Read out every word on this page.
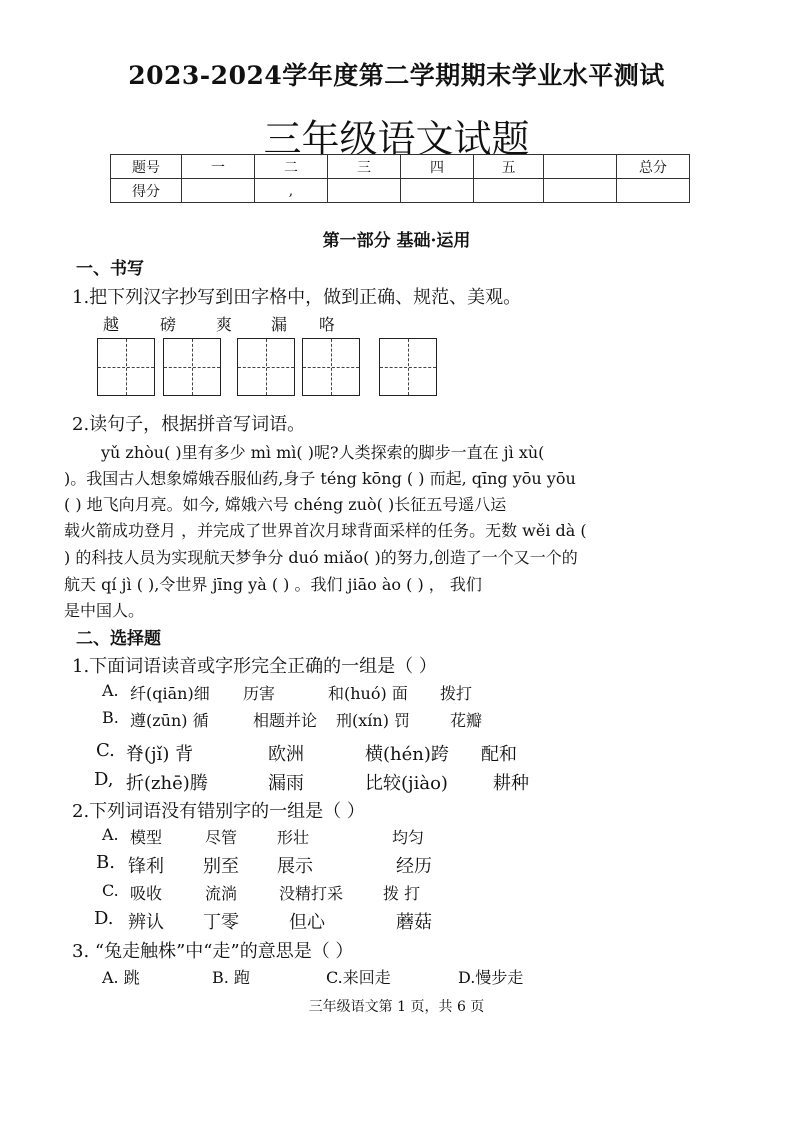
2023-2024学年度第二学期期末学业水平测试
三年级语文试题
题号	一	二	三	四	五		总分
得分		,					
第一部分 基础·运用
一、书写
1.把下列汉字抄写到田字格中，做到正确、规范、美观。
越	磅 爽 漏 咯
2.读句子，根据拼音写词语。
yǔ zhòu( )里有多少 mì mì( )呢?人类探索的脚步一直在 jì xù(
)。我国古人想象嫦娥吞服仙药,身子 téng kōng ( ) 而起, qīng yōu yōu
( ) 地飞向月亮。如今, 嫦娥六号 chéng zuò( )长征五号遥八运
载火箭成功登月 ，并完成了世界首次月球背面采样的任务。无数 wěi dà (
) 的科技人员为实现航天梦争分 duó miǎo( )的努力,创造了一个又一个的
航天 qí jì ( ),令世界 jīng yà ( ) 。我们 jiāo ào ( ) ， 我们
是中国人。
二、选择题
1.下面词语读音或字形完全正确的一组是（ ）
A. 纤(qiān)细 历害	和(huó) 面 拨打
B. 遵(zūn) 循	相题并论 刑(xín) 罚 花瓣
C. 脊(jǐ) 背	欧洲	横(hén)跨 配和
D, 折(zhē)腾	漏雨	比较(jiào)	耕种
2.下列词语没有错别字的一组是（ ）
A. 模型	尽管 形壮	均匀
B. 锋利 别至 展示	经历
C. 吸收	流淌	没精打采 拨 打
D. 辨认 丁零	但心	蘑菇
3. “兔走触株”中“走”的意思是（ ）
A. 跳	B. 跑	C.来回走	D.慢步走
三年级语文第 1 页，共 6 页
